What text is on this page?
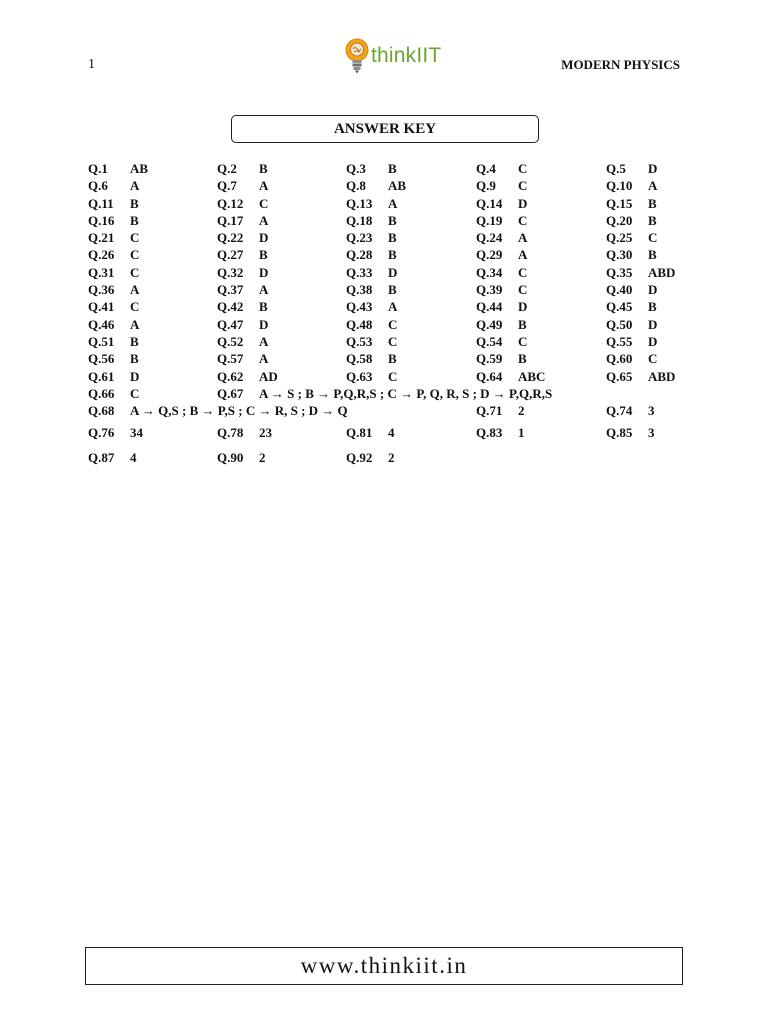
1	thinkIIT	MODERN PHYSICS
ANSWER KEY
Q.1 AB	Q.2 B	Q.3 B	Q.4 C	Q.5 D
Q.6 A	Q.7 A	Q.8 AB	Q.9 C	Q.10 A
Q.11 B	Q.12 C	Q.13 A	Q.14 D	Q.15 B
Q.16 B	Q.17 A	Q.18 B	Q.19 C	Q.20 B
Q.21 C	Q.22 D	Q.23 B	Q.24 A	Q.25 C
Q.26 C	Q.27 B	Q.28 B	Q.29 A	Q.30 B
Q.31 C	Q.32 D	Q.33 D	Q.34 C	Q.35 ABD
Q.36 A	Q.37 A	Q.38 B	Q.39 C	Q.40 D
Q.41 C	Q.42 B	Q.43 A	Q.44 D	Q.45 B
Q.46 A	Q.47 D	Q.48 C	Q.49 B	Q.50 D
Q.51 B	Q.52 A	Q.53 C	Q.54 C	Q.55 D
Q.56 B	Q.57 A	Q.58 B	Q.59 B	Q.60 C
Q.61 D	Q.62 AD	Q.63 C	Q.64 ABC	Q.65 ABD
Q.66 C	Q.67 A → S ; B → P,Q,R,S ; C → P, Q, R, S ; D → P,Q,R,S
Q.68 A → Q,S ; B → P,S ; C → R, S ; D → Q	Q.71 2	Q.74 3
Q.76 34	Q.78 23	Q.81 4	Q.83 1	Q.85 3
Q.87 4	Q.90 2	Q.92 2
www.thinkiit.in
